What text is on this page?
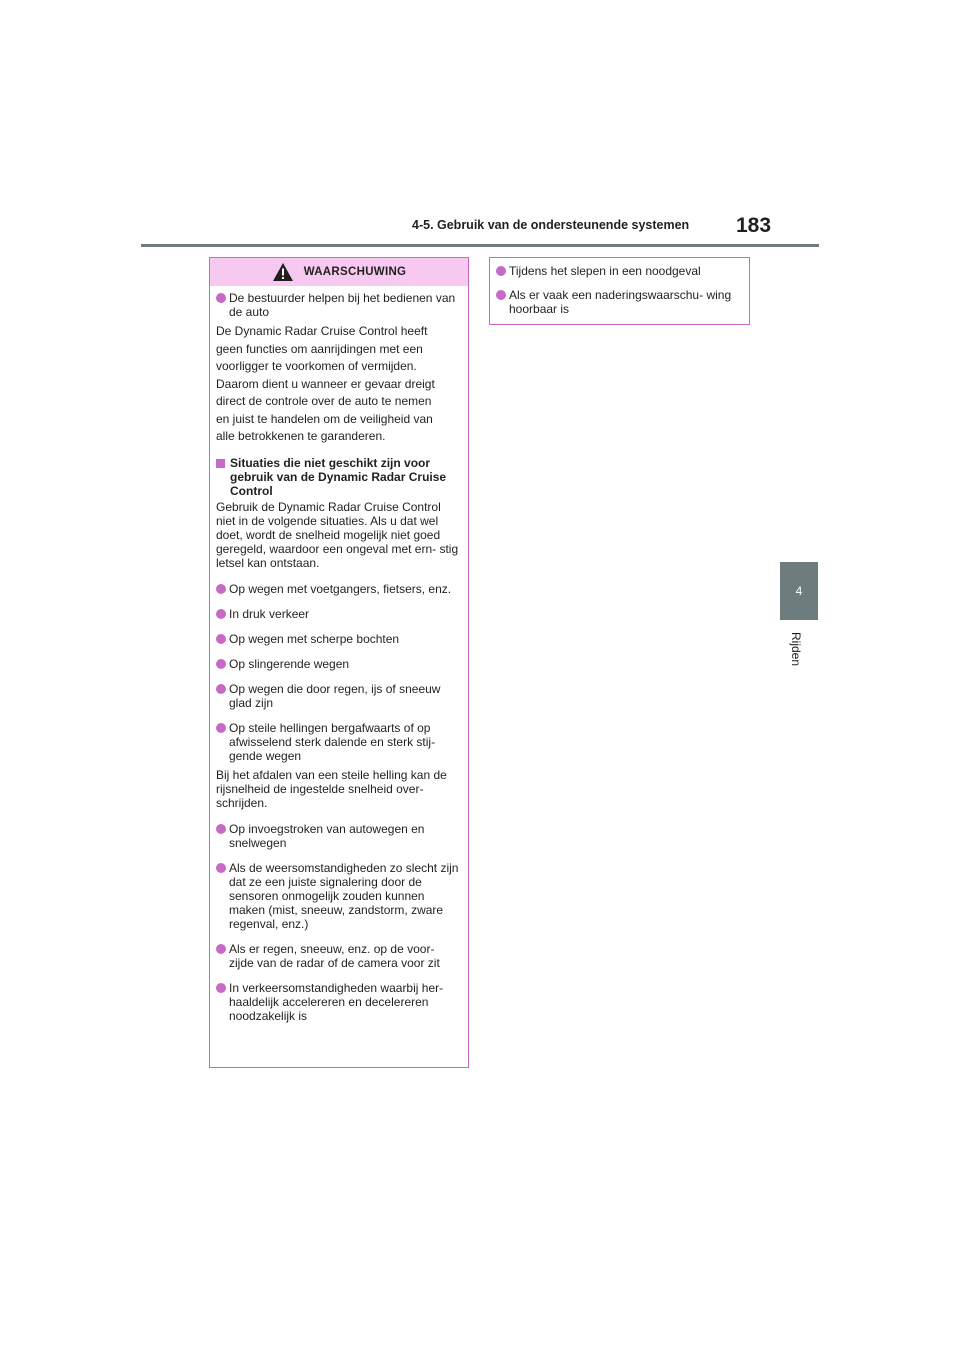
4-5. Gebruik van de ondersteunende systemen 183
4
Rijden
WAARSCHUWING
De bestuurder helpen bij het bedienen van de auto
De Dynamic Radar Cruise Control heeft
geen functies om aanrijdingen met een
voorligger te voorkomen of vermijden.
Daarom dient u wanneer er gevaar dreigt
direct de controle over de auto te nemen
en juist te handelen om de veiligheid van
alle betrokkenen te garanderen.
Situaties die niet geschikt zijn voor gebruik van de Dynamic Radar Cruise Control
Gebruik de Dynamic Radar Cruise Control niet in de volgende situaties. Als u dat wel doet, wordt de snelheid mogelijk niet goed geregeld, waardoor een ongeval met ern- stig letsel kan ontstaan.
Op wegen met voetgangers, fietsers, enz.
In druk verkeer
Op wegen met scherpe bochten
Op slingerende wegen
Op wegen die door regen, ijs of sneeuw glad zijn
Op steile hellingen bergafwaarts of op afwisselend sterk dalende en sterk stij- gende wegen
Bij het afdalen van een steile helling kan de rijsnelheid de ingestelde snelheid over- schrijden.
Op invoegstroken van autowegen en snelwegen
Als de weersomstandigheden zo slecht zijn dat ze een juiste signalering door de sensoren onmogelijk zouden kunnen maken (mist, sneeuw, zandstorm, zware regenval, enz.)
Als er regen, sneeuw, enz. op de voor- zijde van de radar of de camera voor zit
In verkeersomstandigheden waarbij her- haaldelijk accelereren en decelereren noodzakelijk is
Tijdens het slepen in een noodgeval
Als er vaak een naderingswaarschu- wing hoorbaar is
